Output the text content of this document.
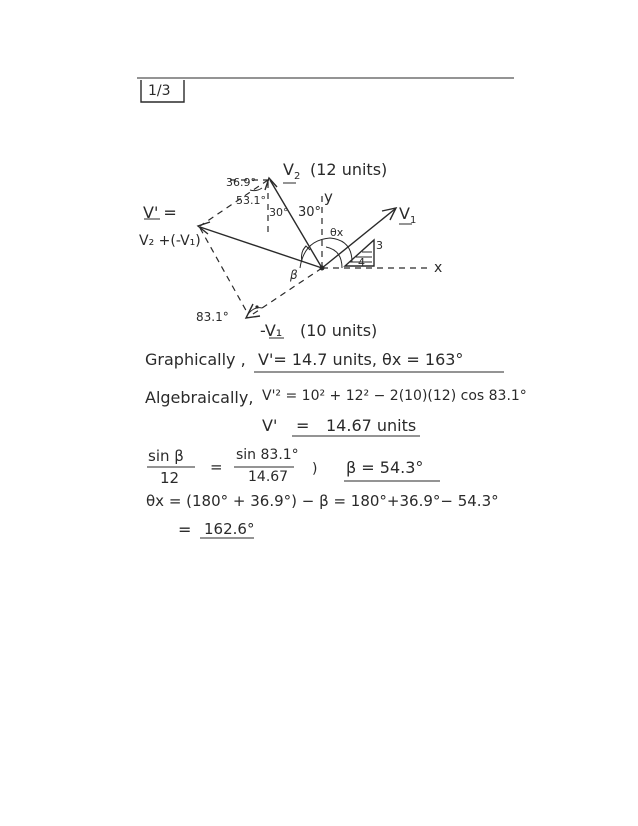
1/3
$V_2$ (12 units)
36.9°
53.1°
30° 30°
y
θx
$V_1$
3
4	x
β
V' =
V₂ +(-V₁)
83.1°
-V₁ (10 units)
Graphically , V'= 14.7 units, θx = 163°
Algebraically, V'² = 10² + 12² − 2(10)(12) cos 83.1°
V' = 14.67 units
sin β
12
=
sin 83.1°
14.67 ) β = 54.3°
θx = (180° + 36.9°) − β = 180°+36.9°− 54.3°
= 162.6°
